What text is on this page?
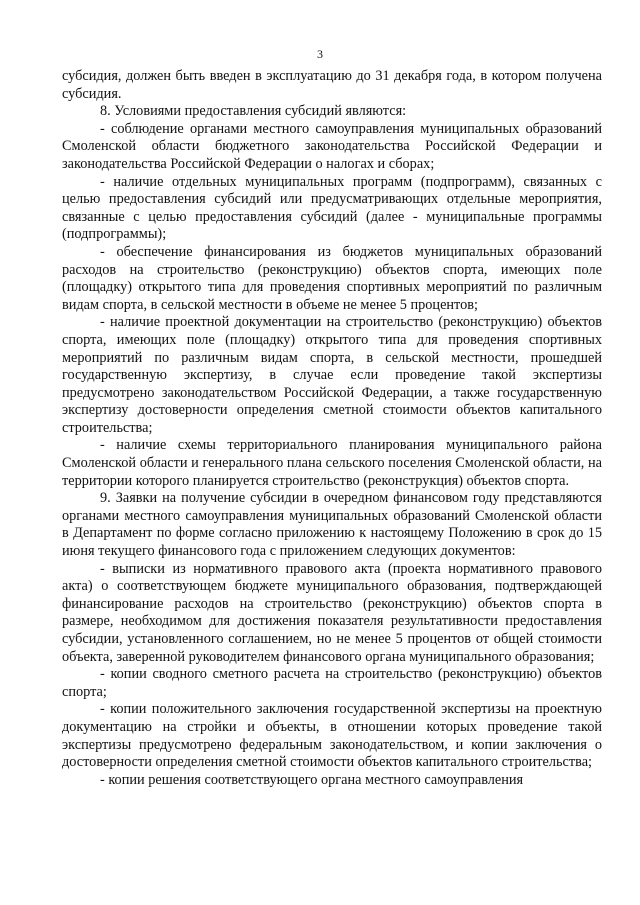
3

субсидия, должен быть введен в эксплуатацию до 31 декабря года, в котором получена субсидия.

8. Условиями предоставления субсидий являются:

- соблюдение органами местного самоуправления муниципальных образований Смоленской области бюджетного законодательства Российской Федерации и законодательства Российской Федерации о налогах и сборах;

- наличие отдельных муниципальных программ (подпрограмм), связанных с целью предоставления субсидий или предусматривающих отдельные мероприятия, связанные с целью предоставления субсидий (далее - муниципальные программы (подпрограммы);

- обеспечение финансирования из бюджетов муниципальных образований расходов на строительство (реконструкцию) объектов спорта, имеющих поле (площадку) открытого типа для проведения спортивных мероприятий по различным видам спорта, в сельской местности в объеме не менее 5 процентов;

- наличие проектной документации на строительство (реконструкцию) объектов спорта, имеющих поле (площадку) открытого типа для проведения спортивных мероприятий по различным видам спорта, в сельской местности, прошедшей государственную экспертизу, в случае если проведение такой экспертизы предусмотрено законодательством Российской Федерации, а также государственную экспертизу достоверности определения сметной стоимости объектов капитального строительства;

- наличие схемы территориального планирования муниципального района Смоленской области и генерального плана сельского поселения Смоленской области, на территории которого планируется строительство (реконструкция) объектов спорта.

9. Заявки на получение субсидии в очередном финансовом году представляются органами местного самоуправления муниципальных образований Смоленской области в Департамент по форме согласно приложению к настоящему Положению в срок до 15 июня текущего финансового года с приложением следующих документов:

- выписки из нормативного правового акта (проекта нормативного правового акта) о соответствующем бюджете муниципального образования, подтверждающей финансирование расходов на строительство (реконструкцию) объектов спорта в размере, необходимом для достижения показателя результативности предоставления субсидии, установленного соглашением, но не менее 5 процентов от общей стоимости объекта, заверенной руководителем финансового органа муниципального образования;

- копии сводного сметного расчета на строительство (реконструкцию) объектов спорта;

- копии положительного заключения государственной экспертизы на проектную документацию на стройки и объекты, в отношении которых проведение такой экспертизы предусмотрено федеральным законодательством, и копии заключения о достоверности определения сметной стоимости объектов капитального строительства;

- копии решения соответствующего органа местного самоуправления
